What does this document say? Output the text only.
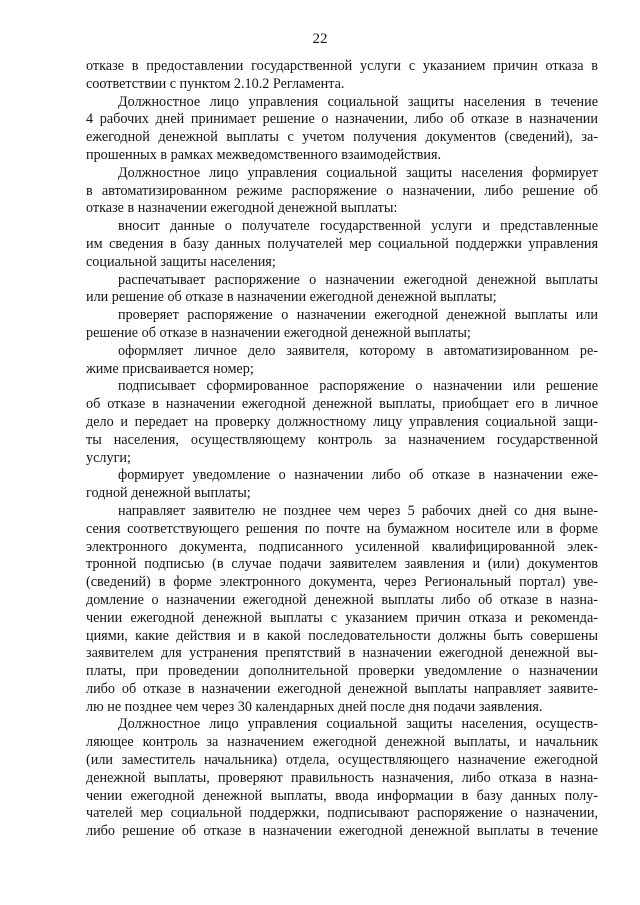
22
отказе в предоставлении государственной услуги с указанием причин отказа в
соответствии с пунктом 2.10.2 Регламента.
Должностное лицо управления социальной защиты населения в течение
4 рабочих дней принимает решение о назначении, либо об отказе в назначении
ежегодной денежной выплаты с учетом получения документов (сведений), за-
прошенных в рамках межведомственного взаимодействия.
Должностное лицо управления социальной защиты населения формирует
в автоматизированном режиме распоряжение о назначении, либо решение об
отказе в назначении ежегодной денежной выплаты:
вносит данные о получателе государственной услуги и представленные
им сведения в базу данных получателей мер социальной поддержки управления
социальной защиты населения;
распечатывает распоряжение о назначении ежегодной денежной выплаты
или решение об отказе в назначении ежегодной денежной выплаты;
проверяет распоряжение о назначении ежегодной денежной выплаты или
решение об отказе в назначении ежегодной денежной выплаты;
оформляет личное дело заявителя, которому в автоматизированном ре-
жиме присваивается номер;
подписывает сформированное распоряжение о назначении или решение
об отказе в назначении ежегодной денежной выплаты, приобщает его в личное
дело и передает на проверку должностному лицу управления социальной защи-
ты населения, осуществляющему контроль за назначением государственной
услуги;
формирует уведомление о назначении либо об отказе в назначении еже-
годной денежной выплаты;
направляет заявителю не позднее чем через 5 рабочих дней со дня выне-
сения соответствующего решения по почте на бумажном носителе или в форме
электронного документа, подписанного усиленной квалифицированной элек-
тронной подписью (в случае подачи заявителем заявления и (или) документов
(сведений) в форме электронного документа, через Региональный портал) уве-
домление о назначении ежегодной денежной выплаты либо об отказе в назна-
чении ежегодной денежной выплаты с указанием причин отказа и рекоменда-
циями, какие действия и в какой последовательности должны быть совершены
заявителем для устранения препятствий в назначении ежегодной денежной вы-
платы, при проведении дополнительной проверки уведомление о назначении
либо об отказе в назначении ежегодной денежной выплаты направляет заявите-
лю не позднее чем через 30 календарных дней после дня подачи заявления.
Должностное лицо управления социальной защиты населения, осуществ-
ляющее контроль за назначением ежегодной денежной выплаты, и начальник
(или заместитель начальника) отдела, осуществляющего назначение ежегодной
денежной выплаты, проверяют правильность назначения, либо отказа в назна-
чении ежегодной денежной выплаты, ввода информации в базу данных полу-
чателей мер социальной поддержки, подписывают распоряжение о назначении,
либо решение об отказе в назначении ежегодной денежной выплаты в течение
